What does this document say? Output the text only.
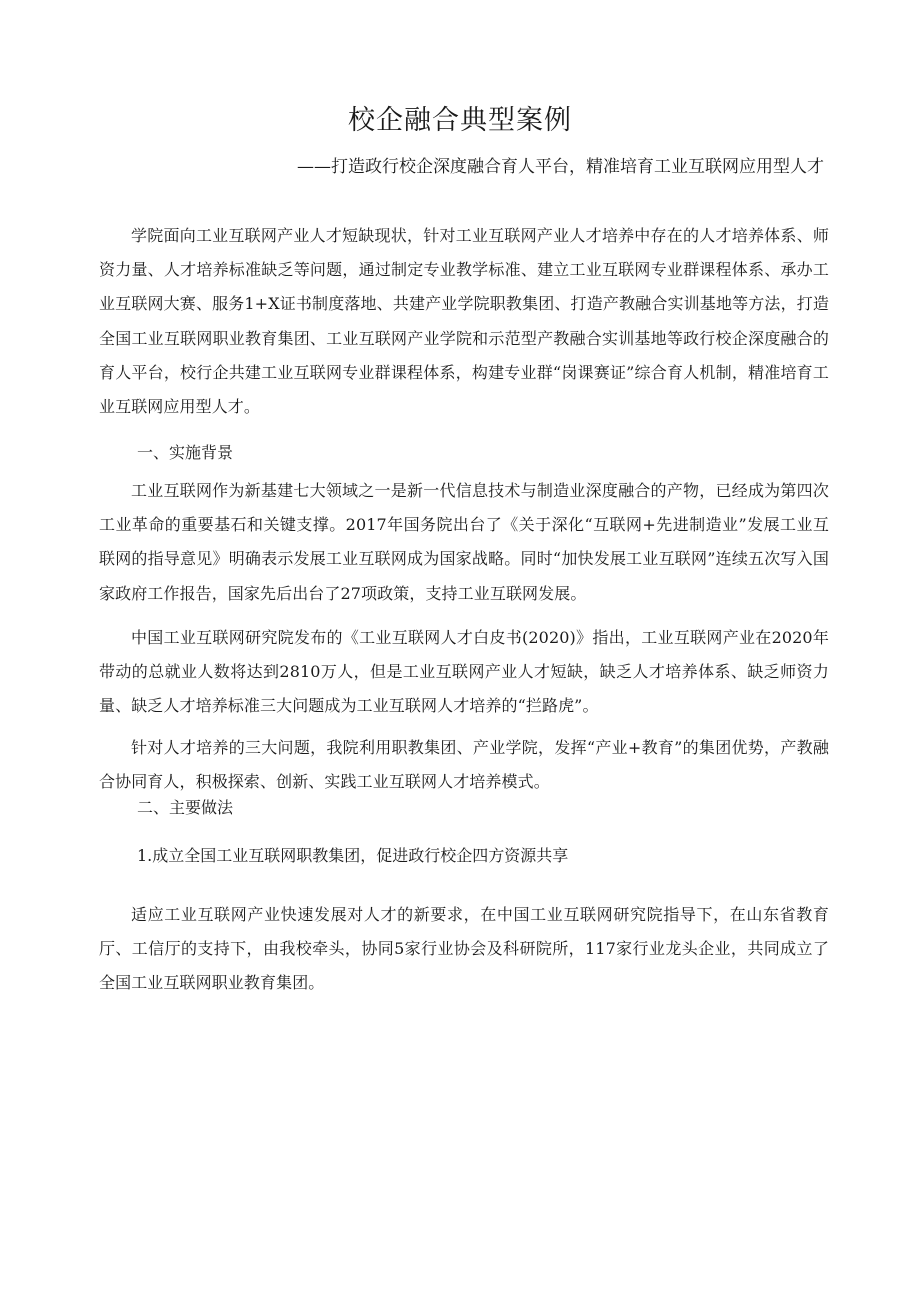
校企融合典型案例

——打造政行校企深度融合育人平台，精准培育工业互联网应用型人才

学院面向工业互联网产业人才短缺现状，针对工业互联网产业人才培养中存在的人才培养体系、师资力量、人才培养标准缺乏等问题，通过制定专业教学标准、建立工业互联网专业群课程体系、承办工业互联网大赛、服务1+X证书制度落地、共建产业学院职教集团、打造产教融合实训基地等方法，打造全国工业互联网职业教育集团、工业互联网产业学院和示范型产教融合实训基地等政行校企深度融合的育人平台，校行企共建工业互联网专业群课程体系，构建专业群“岗课赛证”综合育人机制，精准培育工业互联网应用型人才。

一、实施背景

工业互联网作为新基建七大领域之一是新一代信息技术与制造业深度融合的产物，已经成为第四次工业革命的重要基石和关键支撑。2017年国务院出台了《关于深化“互联网+先进制造业”发展工业互联网的指导意见》明确表示发展工业互联网成为国家战略。同时“加快发展工业互联网”连续五次写入国家政府工作报告，国家先后出台了27项政策，支持工业互联网发展。

中国工业互联网研究院发布的《工业互联网人才白皮书(2020)》指出，工业互联网产业在2020年带动的总就业人数将达到2810万人，但是工业互联网产业人才短缺，缺乏人才培养体系、缺乏师资力量、缺乏人才培养标准三大问题成为工业互联网人才培养的“拦路虎”。

针对人才培养的三大问题，我院利用职教集团、产业学院，发挥“产业+教育”的集团优势，产教融合协同育人，积极探索、创新、实践工业互联网人才培养模式。

二、主要做法

1.成立全国工业互联网职教集团，促进政行校企四方资源共享

适应工业互联网产业快速发展对人才的新要求，在中国工业互联网研究院指导下，在山东省教育厅、工信厅的支持下，由我校牵头，协同5家行业协会及科研院所，117家行业龙头企业，共同成立了全国工业互联网职业教育集团。
